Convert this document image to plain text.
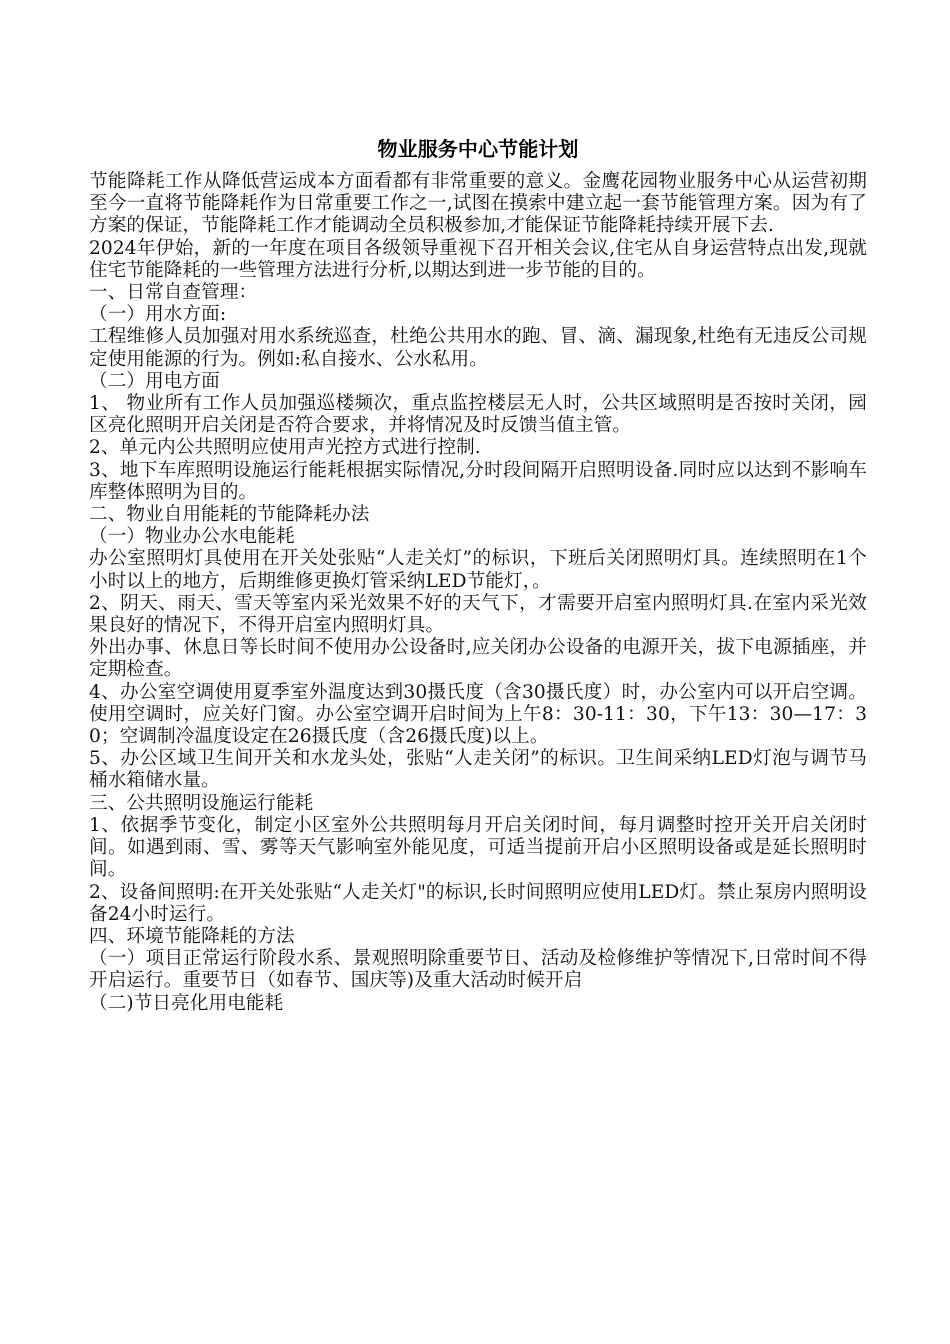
物业服务中心节能计划

节能降耗工作从降低营运成本方面看都有非常重要的意义。金鹰花园物业服务中心从运营初期至今一直将节能降耗作为日常重要工作之一,试图在摸索中建立起一套节能管理方案。因为有了方案的保证，节能降耗工作才能调动全员积极参加,才能保证节能降耗持续开展下去.

2024年伊始，新的一年度在项目各级领导重视下召开相关会议,住宅从自身运营特点出发,现就住宅节能降耗的一些管理方法进行分析,以期达到进一步节能的目的。

一、日常自查管理：

（一）用水方面:

工程维修人员加强对用水系统巡查，杜绝公共用水的跑、冒、滴、漏现象,杜绝有无违反公司规定使用能源的行为。例如:私自接水、公水私用。

（二）用电方面

1、 物业所有工作人员加强巡楼频次，重点监控楼层无人时，公共区域照明是否按时关闭，园区亮化照明开启关闭是否符合要求，并将情况及时反馈当值主管。

2、单元内公共照明应使用声光控方式进行控制.

3、地下车库照明设施运行能耗根据实际情况,分时段间隔开启照明设备.同时应以达到不影响车库整体照明为目的。

二、物业自用能耗的节能降耗办法

（一）物业办公水电能耗

办公室照明灯具使用在开关处张贴“人走关灯”的标识，下班后关闭照明灯具。连续照明在1个小时以上的地方，后期维修更换灯管采纳LED节能灯，。

2、阴天、雨天、雪天等室内采光效果不好的天气下，才需要开启室内照明灯具.在室内采光效果良好的情况下，不得开启室内照明灯具。

外出办事、休息日等长时间不使用办公设备时,应关闭办公设备的电源开关，拔下电源插座，并定期检查。

4、办公室空调使用夏季室外温度达到30摄氏度（含30摄氏度）时，办公室内可以开启空调。使用空调时，应关好门窗。办公室空调开启时间为上午8：30-11：30，下午13：30—17：30；空调制冷温度设定在26摄氏度（含26摄氏度)以上。

5、办公区域卫生间开关和水龙头处，张贴“人走关闭”的标识。卫生间采纳LED灯泡与调节马桶水箱储水量。

三、公共照明设施运行能耗

1、依据季节变化，制定小区室外公共照明每月开启关闭时间，每月调整时控开关开启关闭时间。如遇到雨、雪、雾等天气影响室外能见度，可适当提前开启小区照明设备或是延长照明时间。

2、设备间照明:在开关处张贴“人走关灯"的标识,长时间照明应使用LED灯。禁止泵房内照明设备24小时运行。

四、环境节能降耗的方法

（一）项目正常运行阶段水系、景观照明除重要节日、活动及检修维护等情况下,日常时间不得开启运行。重要节日（如春节、国庆等)及重大活动时候开启

（二)节日亮化用电能耗
